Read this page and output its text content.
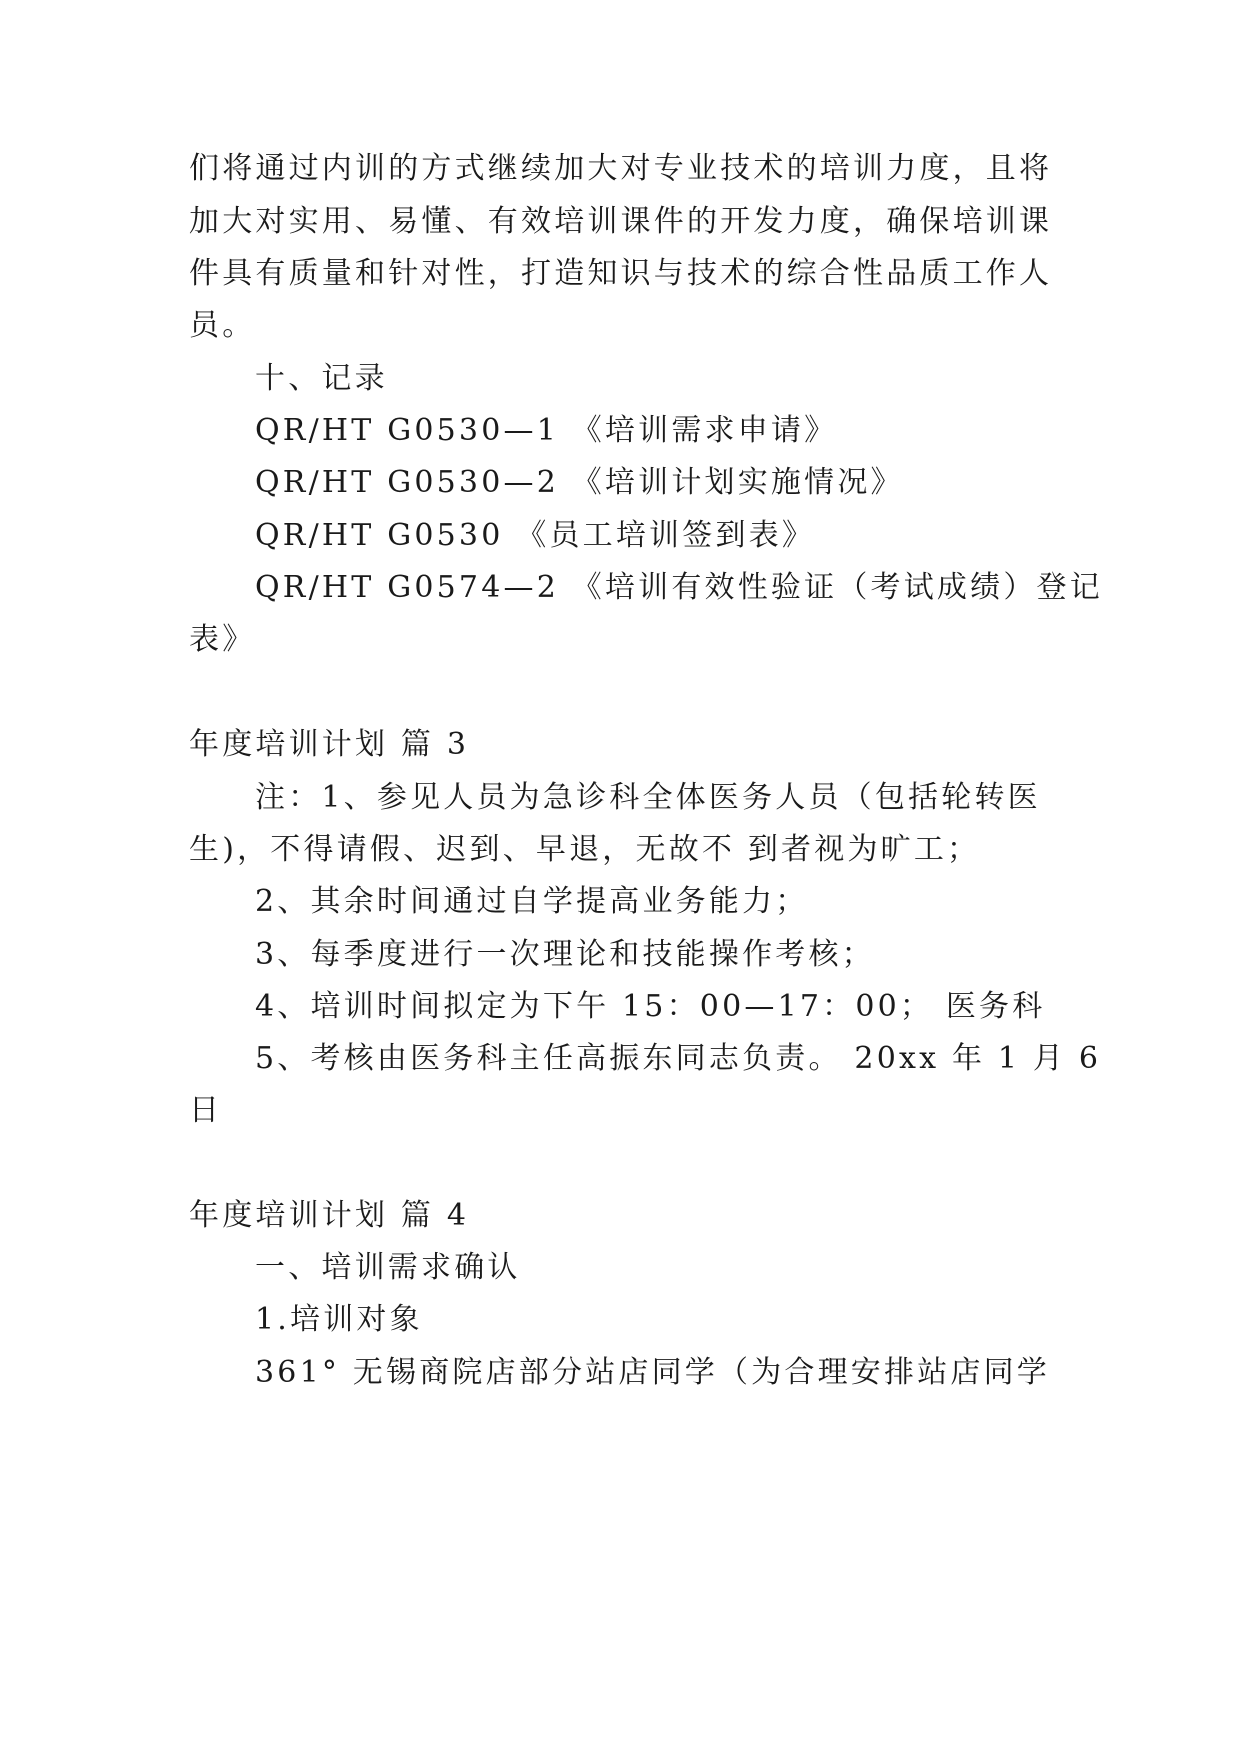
们将通过内训的方式继续加大对专业技术的培训力度，且将
加大对实用、易懂、有效培训课件的开发力度，确保培训课
件具有质量和针对性，打造知识与技术的综合性品质工作人
员。
十、记录
QR/HT G0530—1 《培训需求申请》
QR/HT G0530—2 《培训计划实施情况》
QR/HT G0530 《员工培训签到表》
QR/HT G0574—2 《培训有效性验证（考试成绩）登记
表》
年度培训计划 篇 3
注：1、参见人员为急诊科全体医务人员（包括轮转医
生)，不得请假、迟到、早退，无故不 到者视为旷工；
2、其余时间通过自学提高业务能力；
3、每季度进行一次理论和技能操作考核；
4、培训时间拟定为下午 15：00—17：00； 医务科
5、考核由医务科主任高振东同志负责。 20xx 年 1 月 6
日
年度培训计划 篇 4
一、培训需求确认
1.培训对象
361° 无锡商院店部分站店同学（为合理安排站店同学
